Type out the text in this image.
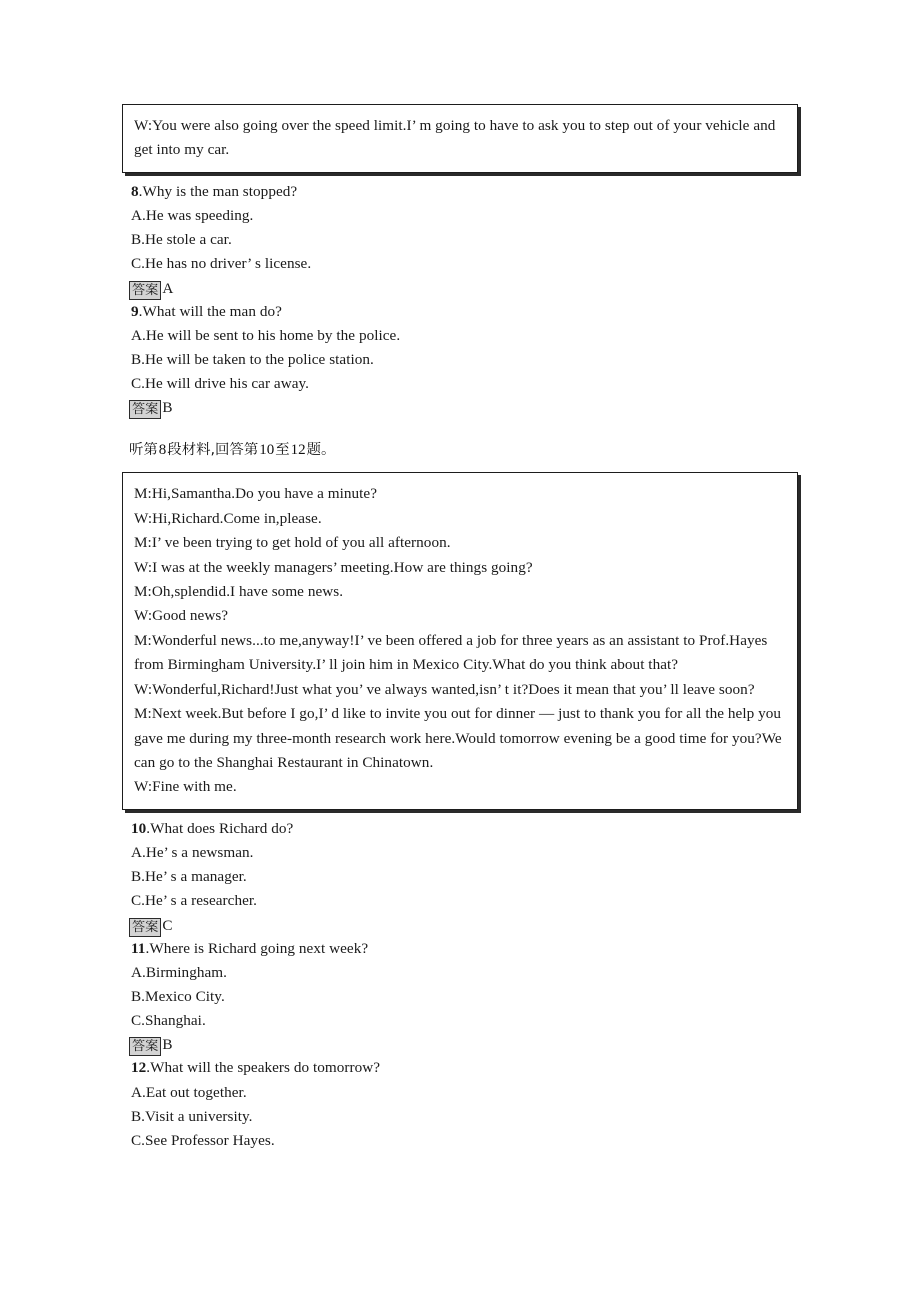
W:You were also going over the speed limit.I’ m going to have to ask you to step out of your vehicle and get into my car.
8.Why is the man stopped?
A.He was speeding.
B.He stole a car.
C.He has no driver’ s license.
答案 A
9.What will the man do?
A.He will be sent to his home by the police.
B.He will be taken to the police station.
C.He will drive his car away.
答案 B
听第8段材料,回答第10至12题。
M:Hi,Samantha.Do you have a minute?
W:Hi,Richard.Come in,please.
M:I’ ve been trying to get hold of you all afternoon.
W:I was at the weekly managers’ meeting.How are things going?
M:Oh,splendid.I have some news.
W:Good news?
M:Wonderful news...to me,anyway!I’ ve been offered a job for three years as an assistant to Prof.Hayes from Birmingham University.I’ ll join him in Mexico City.What do you think about that?
W:Wonderful,Richard!Just what you’ ve always wanted,isn’ t it?Does it mean that you’ ll leave soon?
M:Next week.But before I go,I’ d like to invite you out for dinner — just to thank you for all the help you gave me during my three-month research work here.Would tomorrow evening be a good time for you?We can go to the Shanghai Restaurant in Chinatown.
W:Fine with me.
10.What does Richard do?
A.He’ s a newsman.
B.He’ s a manager.
C.He’ s a researcher.
答案 C
11.Where is Richard going next week?
A.Birmingham.
B.Mexico City.
C.Shanghai.
答案 B
12.What will the speakers do tomorrow?
A.Eat out together.
B.Visit a university.
C.See Professor Hayes.
